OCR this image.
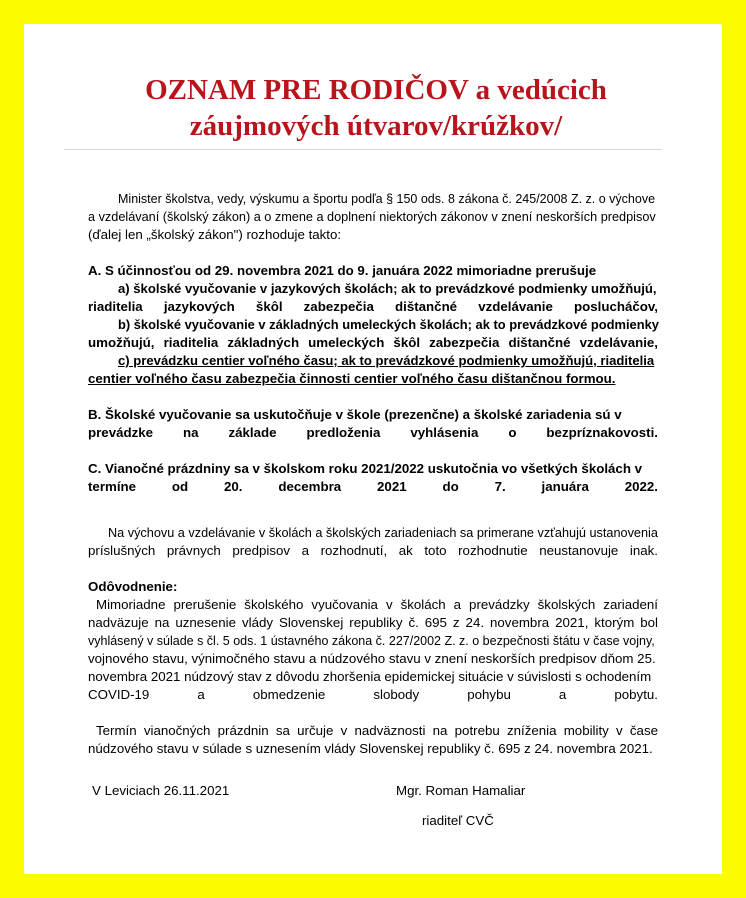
OZNAM PRE RODIČOV a vedúcich
záujmových útvarov/krúžkov/
Minister školstva, vedy, výskumu a športu podľa § 150 ods. 8 zákona č. 245/2008 Z. z. o výchove
a vzdelávaní (školský zákon) a o zmene a doplnení niektorých zákonov v znení neskorších predpisov
(ďalej len „školský zákon") rozhoduje takto:
A. S účinnosťou od 29. novembra 2021 do 9. januára 2022 mimoriadne prerušuje
a) školské vyučovanie v jazykových školách; ak to prevádzkové podmienky umožňujú,
riaditelia jazykových škôl zabezpečia dištančné vzdelávanie poslucháčov,
b) školské vyučovanie v základných umeleckých školách; ak to prevádzkové podmienky
umožňujú, riaditelia základných umeleckých škôl zabezpečia dištančné vzdelávanie,
c) prevádzku centier voľného času; ak to prevádzkové podmienky umožňujú, riaditelia
centier voľného času zabezpečia činnosti centier voľného času dištančnou formou.
B. Školské vyučovanie sa uskutočňuje v škole (prezenčne) a školské zariadenia sú v
prevádzke na základe predloženia vyhlásenia o bezpríznakovosti.
C. Vianočné prázdniny sa v školskom roku 2021/2022 uskutočnia vo všetkých školách v
termíne od 20. decembra 2021 do 7. januára 2022.
Na výchovu a vzdelávanie v školách a školských zariadeniach sa primerane vzťahujú ustanovenia
príslušných právnych predpisov a rozhodnutí, ak toto rozhodnutie neustanovuje inak.
Odôvodnenie:
Mimoriadne prerušenie školského vyučovania v školách a prevádzky školských zariadení
nadväzuje na uznesenie vlády Slovenskej republiky č. 695 z 24. novembra 2021, ktorým bol
vyhlásený v súlade s čl. 5 ods. 1 ústavného zákona č. 227/2002 Z. z. o bezpečnosti štátu v čase vojny,
vojnového stavu, výnimočného stavu a núdzového stavu v znení neskorších predpisov dňom 25.
novembra 2021 núdzový stav z dôvodu zhoršenia epidemickej situácie v súvislosti s ochodením
COVID-19 a obmedzenie slobody pohybu a pobytu.
Termín vianočných prázdnin sa určuje v nadväznosti na potrebu zníženia mobility v čase
núdzového stavu v súlade s uznesením vlády Slovenskej republiky č. 695 z 24. novembra 2021.
V Leviciach 26.11.2021	Mgr. Roman Hamaliar
riaditeľ CVČ
